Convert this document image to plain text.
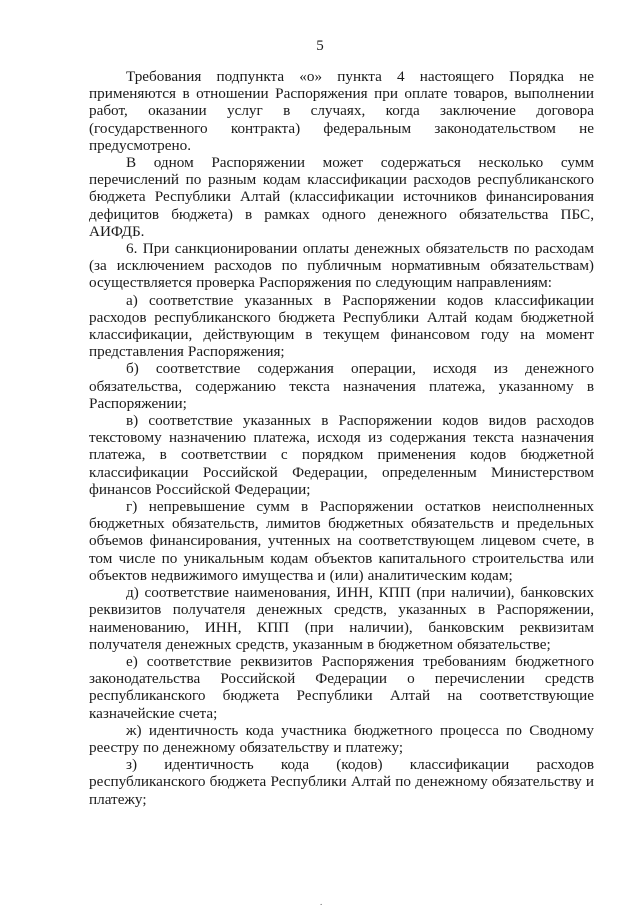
5

Требования подпункта «о» пункта 4 настоящего Порядка не применяются в отношении Распоряжения при оплате товаров, выполнении работ, оказании услуг в случаях, когда заключение договора (государственного контракта) федеральным законодательством не предусмотрено.

В одном Распоряжении может содержаться несколько сумм перечислений по разным кодам классификации расходов республиканского бюджета Республики Алтай (классификации источников финансирования дефицитов бюджета) в рамках одного денежного обязательства ПБС, АИФДБ.

6. При санкционировании оплаты денежных обязательств по расходам (за исключением расходов по публичным нормативным обязательствам) осуществляется проверка Распоряжения по следующим направлениям:

а) соответствие указанных в Распоряжении кодов классификации расходов республиканского бюджета Республики Алтай кодам бюджетной классификации, действующим в текущем финансовом году на момент представления Распоряжения;

б) соответствие содержания операции, исходя из денежного обязательства, содержанию текста назначения платежа, указанному в Распоряжении;

в) соответствие указанных в Распоряжении кодов видов расходов текстовому назначению платежа, исходя из содержания текста назначения платежа, в соответствии с порядком применения кодов бюджетной классификации Российской Федерации, определенным Министерством финансов Российской Федерации;

г) непревышение сумм в Распоряжении остатков неисполненных бюджетных обязательств, лимитов бюджетных обязательств и предельных объемов финансирования, учтенных на соответствующем лицевом счете, в том числе по уникальным кодам объектов капитального строительства или объектов недвижимого имущества и (или) аналитическим кодам;

д) соответствие наименования, ИНН, КПП (при наличии), банковских реквизитов получателя денежных средств, указанных в Распоряжении, наименованию, ИНН, КПП (при наличии), банковским реквизитам получателя денежных средств, указанным в бюджетном обязательстве;

е) соответствие реквизитов Распоряжения требованиям бюджетного законодательства Российской Федерации о перечислении средств республиканского бюджета Республики Алтай на соответствующие казначейские счета;

ж) идентичность кода участника бюджетного процесса по Сводному реестру по денежному обязательству и платежу;

з) идентичность кода (кодов) классификации расходов республиканского бюджета Республики Алтай по денежному обязательству и платежу;

.
